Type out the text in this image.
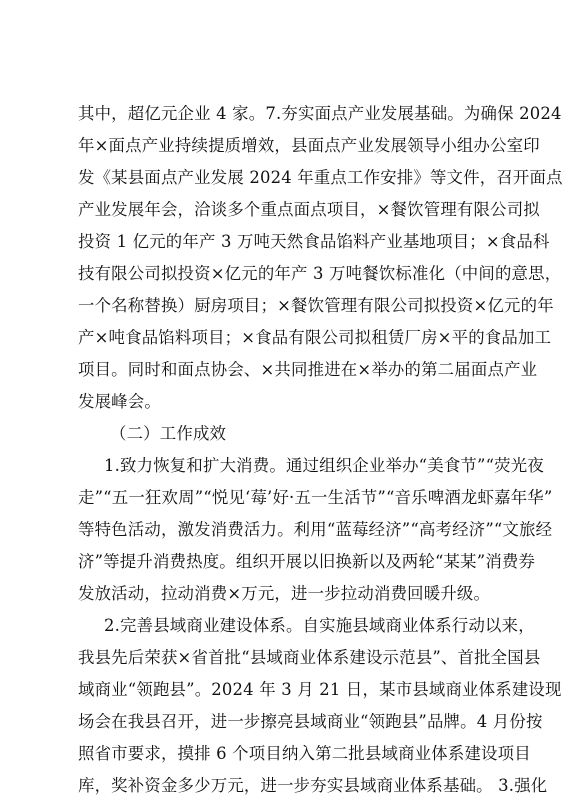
其中，超亿元企业 4 家。7.夯实面点产业发展基础。为确保 2024
年×面点产业持续提质增效，县面点产业发展领导小组办公室印
发《某县面点产业发展 2024 年重点工作安排》等文件，召开面点
产业发展年会，洽谈多个重点面点项目，×餐饮管理有限公司拟
投资 1 亿元的年产 3 万吨天然食品馅料产业基地项目；×食品科
技有限公司拟投资×亿元的年产 3 万吨餐饮标准化（中间的意思，
一个名称替换）厨房项目；×餐饮管理有限公司拟投资×亿元的年
产×吨食品馅料项目；×食品有限公司拟租赁厂房×平的食品加工
项目。同时和面点协会、×共同推进在×举办的第二届面点产业
发展峰会。
（二）工作成效
1.致力恢复和扩大消费。通过组织企业举办“美食节”“荧光夜
走”“五一狂欢周”“悦见‘莓’好·五一生活节”“音乐啤酒龙虾嘉年华”
等特色活动，激发消费活力。利用“蓝莓经济”“高考经济”“文旅经
济”等提升消费热度。组织开展以旧换新以及两轮“某某”消费券
发放活动，拉动消费×万元，进一步拉动消费回暖升级。
2.完善县域商业建设体系。自实施县域商业体系行动以来，
我县先后荣获×省首批“县域商业体系建设示范县”、首批全国县
域商业“领跑县”。2024 年 3 月 21 日，某市县域商业体系建设现
场会在我县召开，进一步擦亮县域商业“领跑县”品牌。4 月份按
照省市要求，摸排 6 个项目纳入第二批县域商业体系建设项目
库，奖补资金多少万元，进一步夯实县域商业体系基础。 3.强化
